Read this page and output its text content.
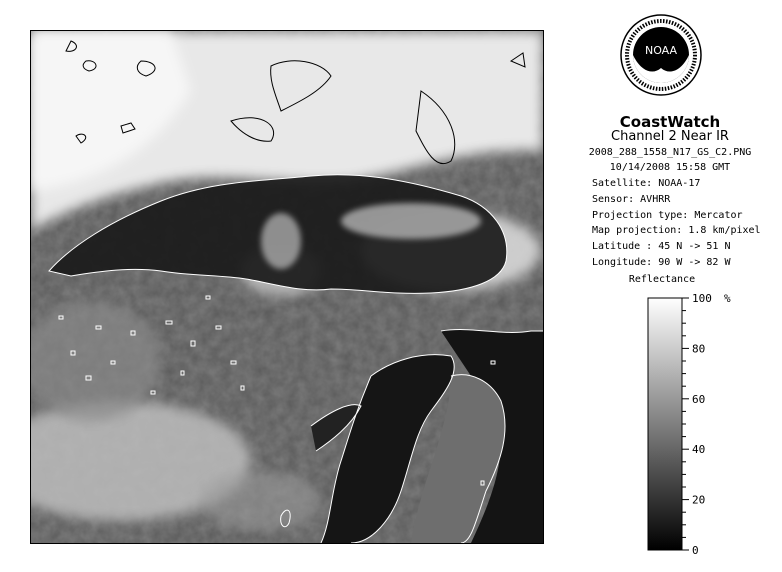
NOAA
CoastWatch
Channel 2 Near IR
2008_288_1558_N17_GS_C2.PNG
10/14/2008 15:58 GMT
Satellite: NOAA-17
Sensor: AVHRR
Projection type: Mercator
Map projection: 1.8 km/pixel
Latitude : 45 N -> 51 N
Longitude: 90 W -> 82 W
Reflectance
100
80
60
40
20
0
%
